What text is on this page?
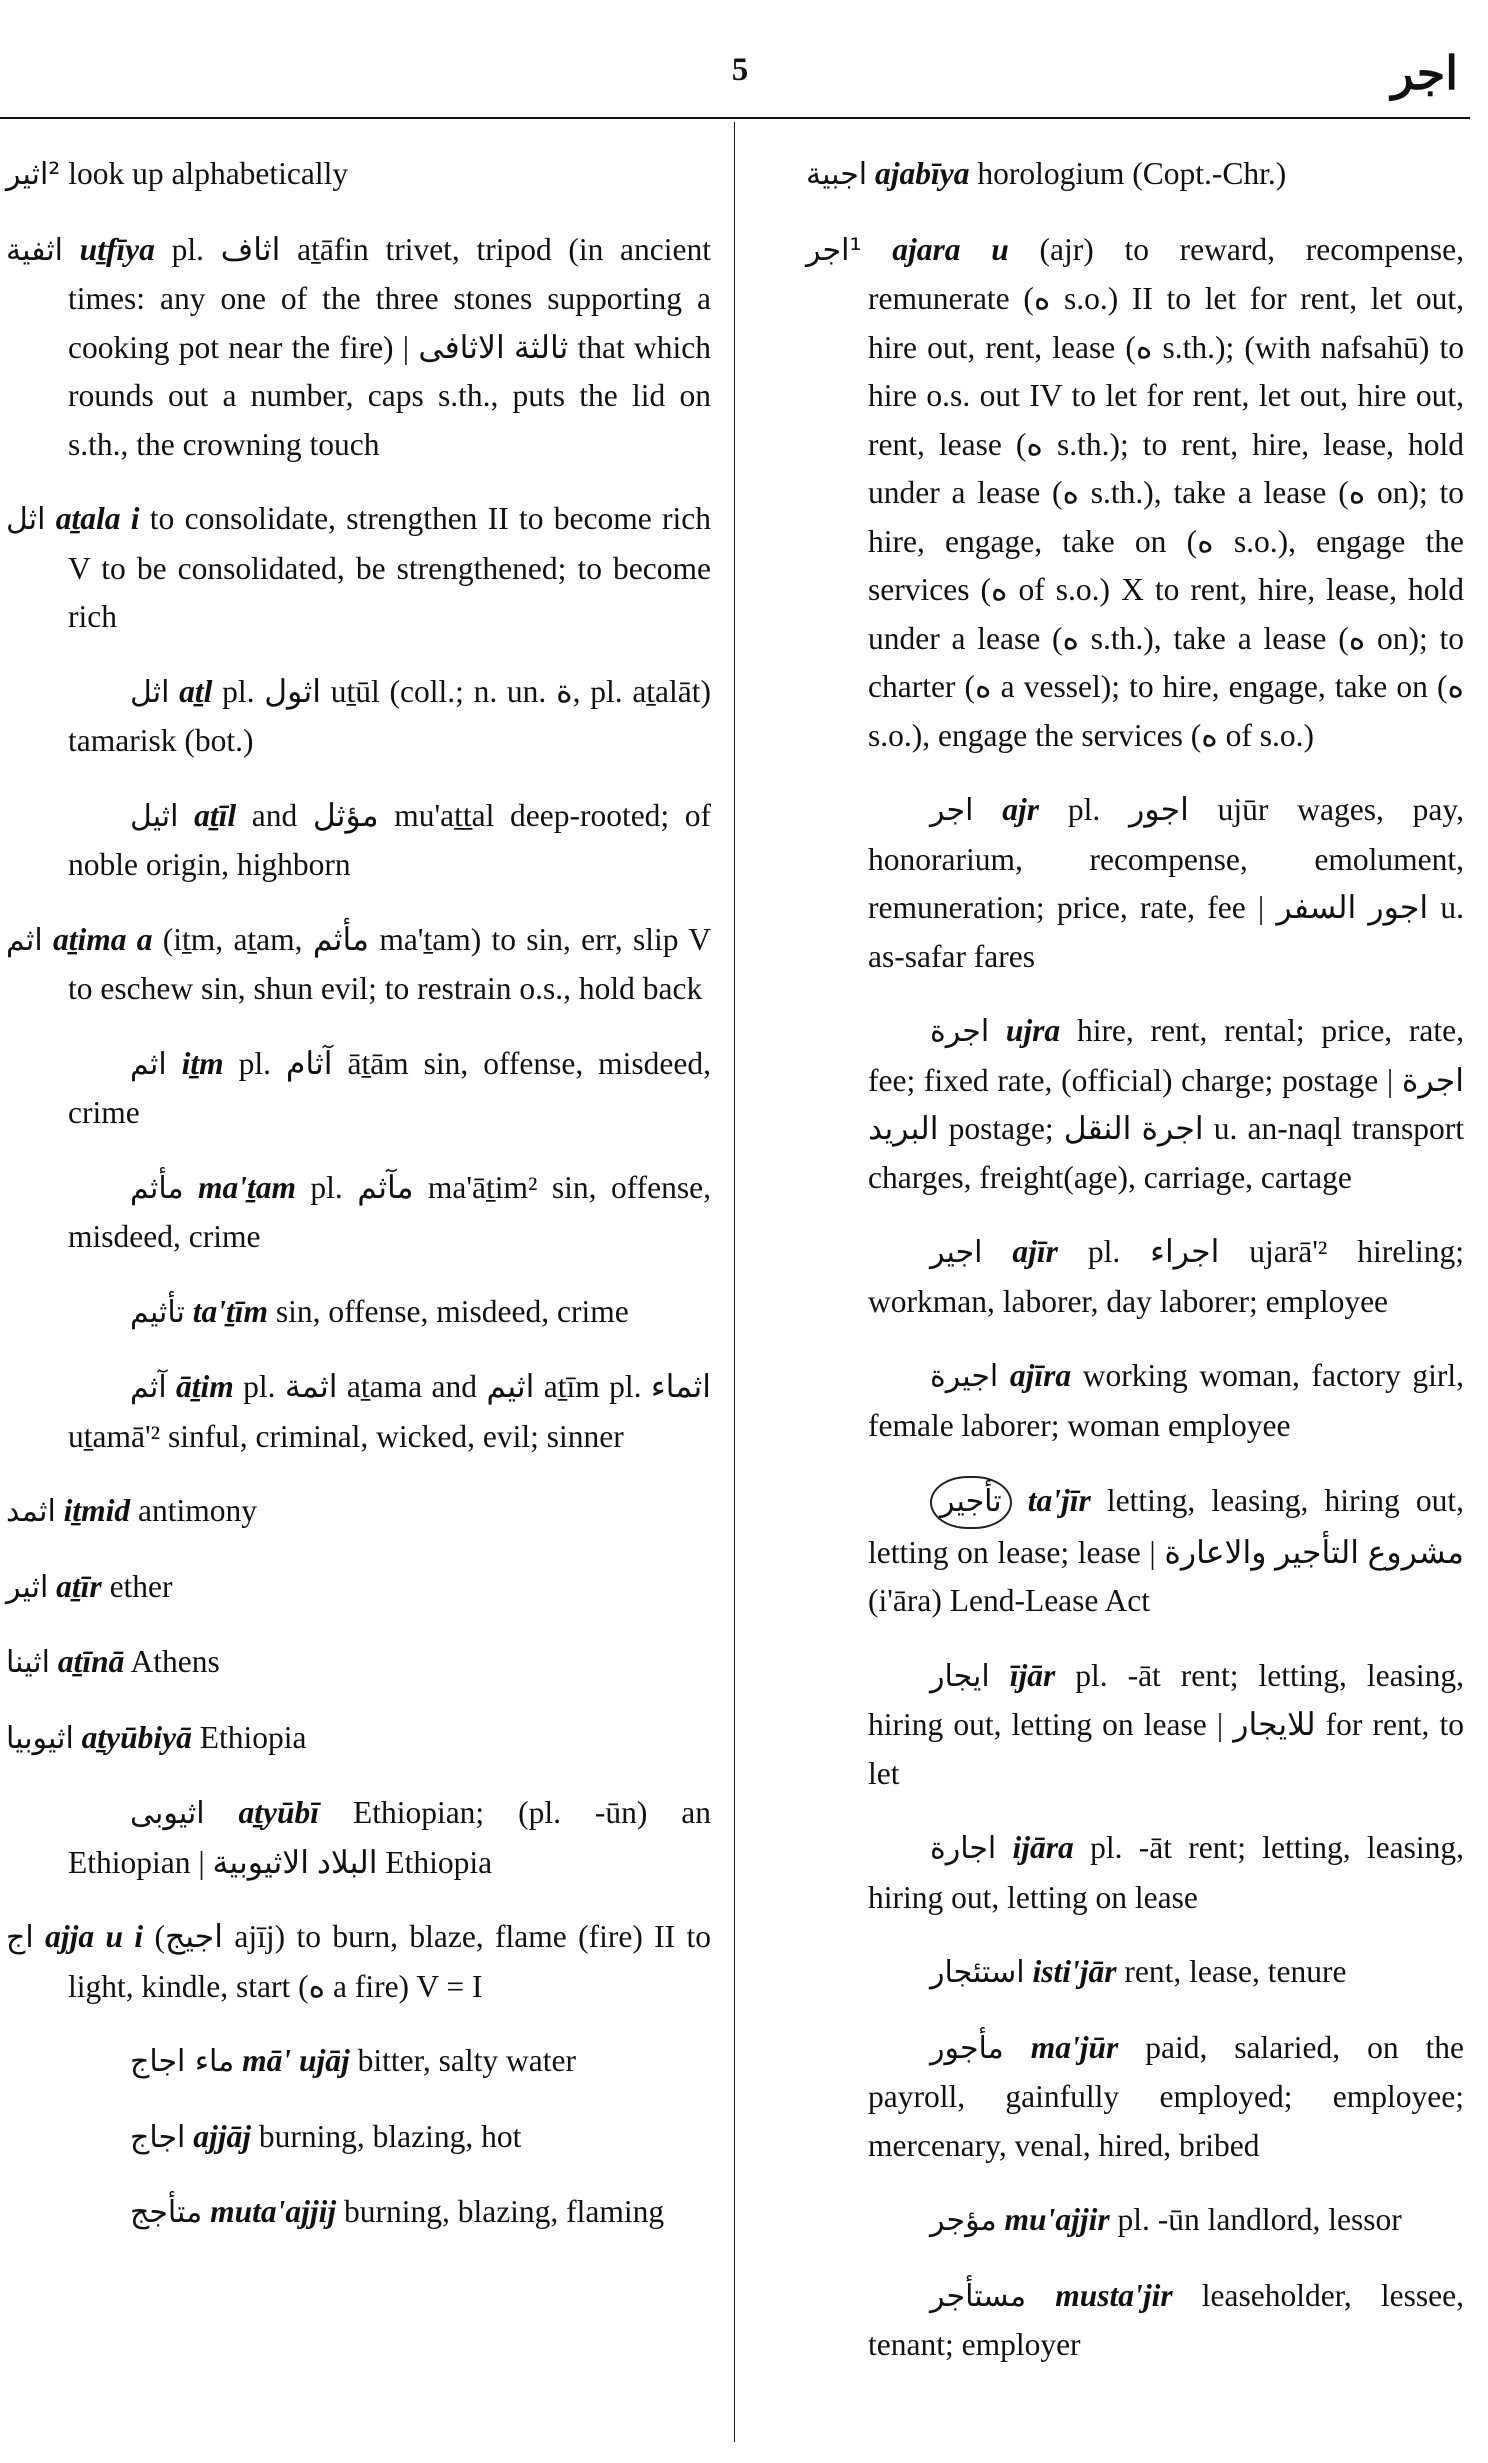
5	اجر

²اثير look up alphabetically

اثفية uṯfīya pl. اثاف aṯāfin trivet, tripod (in ancient times: any one of the three stones supporting a cooking pot near the fire) | ثالثة الاثافى that which rounds out a number, caps s.th., puts the lid on s.th., the crowning touch

اثل aṯala i to consolidate, strengthen II to become rich V to be consolidated, be strengthened; to become rich

اثل aṯl pl. اثول uṯūl (coll.; n. un. ة, pl. aṯalāt) tamarisk (bot.)

اثيل aṯīl and مؤثل mu'aṯṯal deep-rooted; of noble origin, highborn

اثم aṯima a (iṯm, aṯam, مأثم ma'ṯam) to sin, err, slip V to eschew sin, shun evil; to restrain o.s., hold back

اثم iṯm pl. آثام āṯām sin, offense, misdeed, crime

مأثم ma'ṯam pl. مآثم ma'āṯim² sin, offense, misdeed, crime

تأثيم ta'ṯīm sin, offense, misdeed, crime

آثم āṯim pl. اثمة aṯama and اثيم aṯīm pl. اثماء uṯamā'² sinful, criminal, wicked, evil; sinner

اثمد iṯmid antimony

اثير aṯīr ether

اثينا aṯīnā Athens

اثيوبيا aṯyūbiyā Ethiopia

اثيوبى aṯyūbī Ethiopian; (pl. -ūn) an Ethiopian | البلاد الاثيوبية Ethiopia

اج ajja u i (اجيج ajīj) to burn, blaze, flame (fire) II to light, kindle, start (ه a fire) V = I

ماء اجاج mā' ujāj bitter, salty water

اجاج ajjāj burning, blazing, hot

متأجج muta'ajjij burning, blazing, flaming

اجبية ajabīya horologium (Copt.-Chr.)

¹اجر ajara u (ajr) to reward, recompense, remunerate (ه s.o.) II to let for rent, let out, hire out, rent, lease (ه s.th.); (with nafsahū) to hire o.s. out IV to let for rent, let out, hire out, rent, lease (ه s.th.); to rent, hire, lease, hold under a lease (ه s.th.), take a lease (ه on); to hire, engage, take on (ه s.o.), engage the services (ه of s.o.) X to rent, hire, lease, hold under a lease (ه s.th.), take a lease (ه on); to charter (ه a vessel); to hire, engage, take on (ه s.o.), engage the services (ه of s.o.)

اجر ajr pl. اجور ujūr wages, pay, honorarium, recompense, emolument, remuneration; price, rate, fee | اجور السفر u. as-safar fares

اجرة ujra hire, rent, rental; price, rate, fee; fixed rate, (official) charge; postage | اجرة البريد postage; اجرة النقل u. an-naql transport charges, freight(age), carriage, cartage

اجير ajīr pl. اجراء ujarā'² hireling; workman, laborer, day laborer; employee

اجيرة ajīra working woman, factory girl, female laborer; woman employee

تأجير ta'jīr letting, leasing, hiring out, letting on lease; lease | مشروع التأجير والاعارة (i'āra) Lend-Lease Act

ايجار ījār pl. -āt rent; letting, leasing, hiring out, letting on lease | للايجار for rent, to let

اجارة ijāra pl. -āt rent; letting, leasing, hiring out, letting on lease

استئجار isti'jār rent, lease, tenure

مأجور ma'jūr paid, salaried, on the payroll, gainfully employed; employee; mercenary, venal, hired, bribed

مؤجر mu'ajjir pl. -ūn landlord, lessor

مستأجر musta'jir leaseholder, lessee, tenant; employer
